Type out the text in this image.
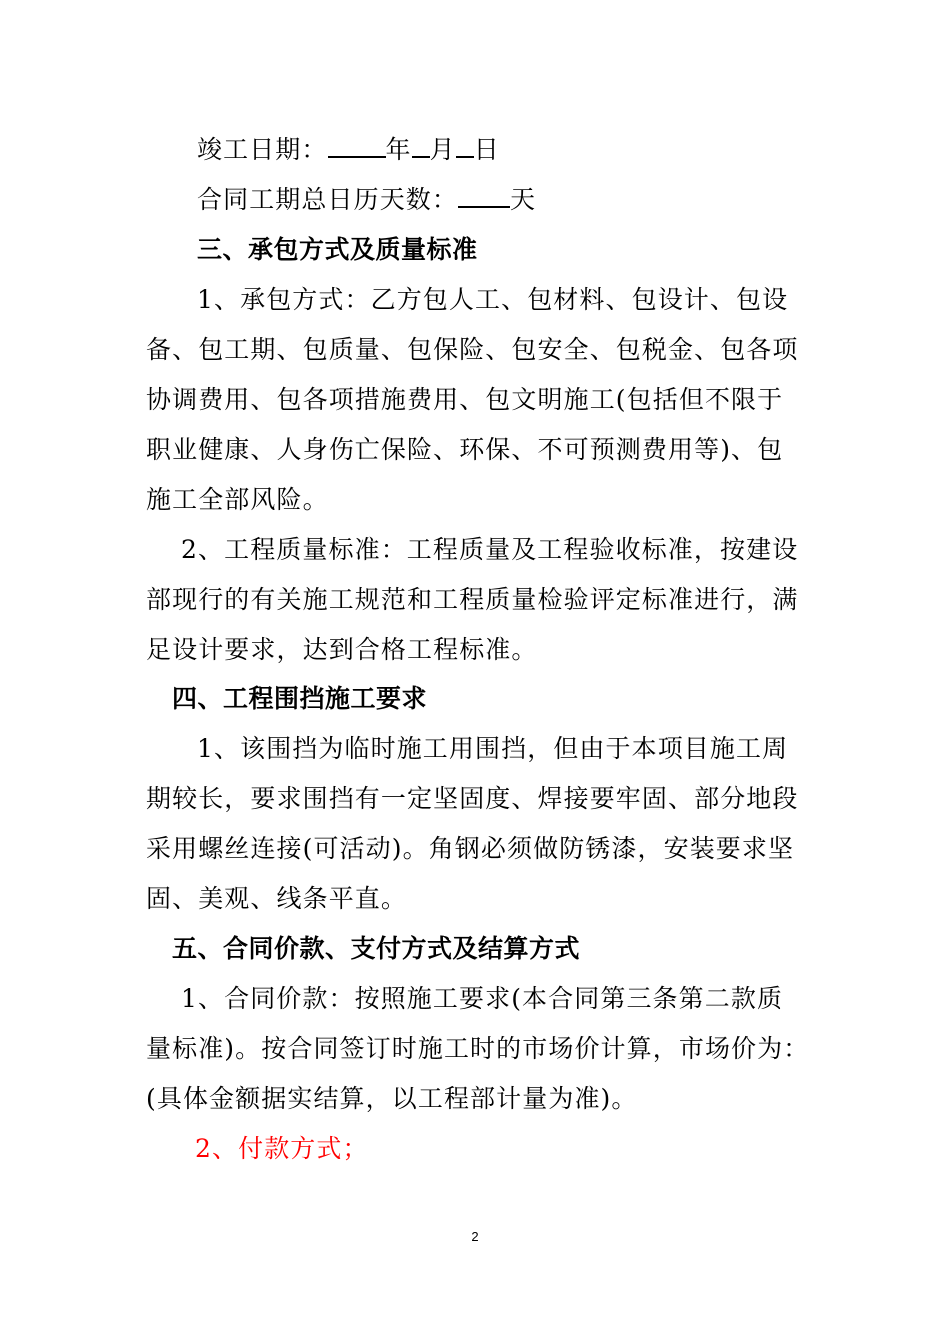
竣工日期： 年 月 日
合同工期总日历天数： 天
三、承包方式及质量标准
1、承包方式：乙方包人工、包材料、包设计、包设
备、包工期、包质量、包保险、包安全、包税金、包各项
协调费用、包各项措施费用、包文明施工(包括但不限于
职业健康、人身伤亡保险、环保、不可预测费用等)、包
施工全部风险。
2、工程质量标准：工程质量及工程验收标准，按建设
部现行的有关施工规范和工程质量检验评定标准进行，满
足设计要求，达到合格工程标准。
四、工程围挡施工要求
1、该围挡为临时施工用围挡，但由于本项目施工周
期较长，要求围挡有一定坚固度、焊接要牢固、部分地段
采用螺丝连接(可活动)。角钢必须做防锈漆，安装要求坚
固、美观、线条平直。
五、合同价款、支付方式及结算方式
1、合同价款：按照施工要求(本合同第三条第二款质
量标准)。按合同签订时施工时的市场价计算，市场价为：
(具体金额据实结算，以工程部计量为准)。
2、付款方式；
2
